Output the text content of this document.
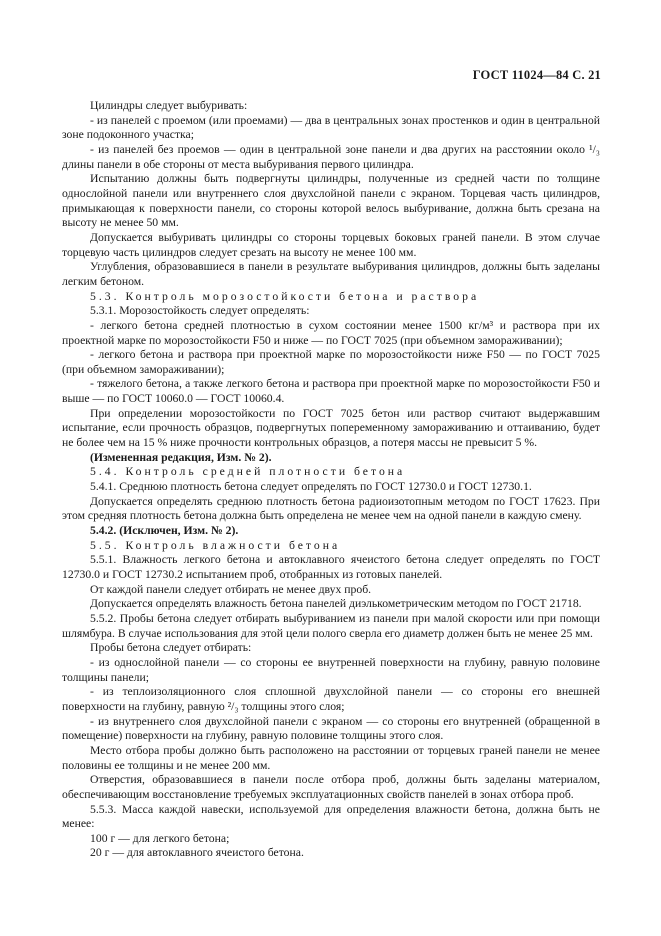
ГОСТ 11024—84 С. 21

Цилиндры следует выбуривать:

- из панелей с проемом (или проемами) — два в центральных зонах простенков и один в центральной зоне подоконного участка;

- из панелей без проемов — один в центральной зоне панели и два других на расстоянии около ¹/₃ длины панели в обе стороны от места выбуривания первого цилиндра.

Испытанию должны быть подвергнуты цилиндры, полученные из средней части по толщине однослойной панели или внутреннего слоя двухслойной панели с экраном. Торцевая часть цилиндров, примыкающая к поверхности панели, со стороны которой велось выбуривание, должна быть срезана на высоту не менее 50 мм.

Допускается выбуривать цилиндры со стороны торцевых боковых граней панели. В этом случае торцевую часть цилиндров следует срезать на высоту не менее 100 мм.

Углубления, образовавшиеся в панели в результате выбуривания цилиндров, должны быть заделаны легким бетоном.

5.3. Контроль морозостойкости бетона и раствора

5.3.1. Морозостойкость следует определять:

- легкого бетона средней плотностью в сухом состоянии менее 1500 кг/м³ и раствора при их проектной марке по морозостойкости F50 и ниже — по ГОСТ 7025 (при объемном замораживании);

- легкого бетона и раствора при проектной марке по морозостойкости ниже F50 — по ГОСТ 7025 (при объемном замораживании);

- тяжелого бетона, а также легкого бетона и раствора при проектной марке по морозостойкости F50 и выше — по ГОСТ 10060.0 — ГОСТ 10060.4.

При определении морозостойкости по ГОСТ 7025 бетон или раствор считают выдержавшим испытание, если прочность образцов, подвергнутых попеременному замораживанию и оттаиванию, будет не более чем на 15 % ниже прочности контрольных образцов, а потеря массы не превысит 5 %.

(Измененная редакция, Изм. № 2).

5.4. Контроль средней плотности бетона

5.4.1. Среднюю плотность бетона следует определять по ГОСТ 12730.0 и ГОСТ 12730.1.

Допускается определять среднюю плотность бетона радиоизотопным методом по ГОСТ 17623. При этом средняя плотность бетона должна быть определена не менее чем на одной панели в каждую смену.

5.4.2. (Исключен, Изм. № 2).

5.5. Контроль влажности бетона

5.5.1. Влажность легкого бетона и автоклавного ячеистого бетона следует определять по ГОСТ 12730.0 и ГОСТ 12730.2 испытанием проб, отобранных из готовых панелей.

От каждой панели следует отбирать не менее двух проб.

Допускается определять влажность бетона панелей диэлькометрическим методом по ГОСТ 21718.

5.5.2. Пробы бетона следует отбирать выбуриванием из панели при малой скорости или при помощи шлямбура. В случае использования для этой цели полого сверла его диаметр должен быть не менее 25 мм.

Пробы бетона следует отбирать:

- из однослойной панели — со стороны ее внутренней поверхности на глубину, равную половине толщины панели;

- из теплоизоляционного слоя сплошной двухслойной панели — со стороны его внешней поверхности на глубину, равную ²/₃ толщины этого слоя;

- из внутреннего слоя двухслойной панели с экраном — со стороны его внутренней (обращенной в помещение) поверхности на глубину, равную половине толщины этого слоя.

Место отбора пробы должно быть расположено на расстоянии от торцевых граней панели не менее половины ее толщины и не менее 200 мм.

Отверстия, образовавшиеся в панели после отбора проб, должны быть заделаны материалом, обеспечивающим восстановление требуемых эксплуатационных свойств панелей в зонах отбора проб.

5.5.3. Масса каждой навески, используемой для определения влажности бетона, должна быть не менее:

100 г — для легкого бетона;

20 г — для автоклавного ячеистого бетона.
